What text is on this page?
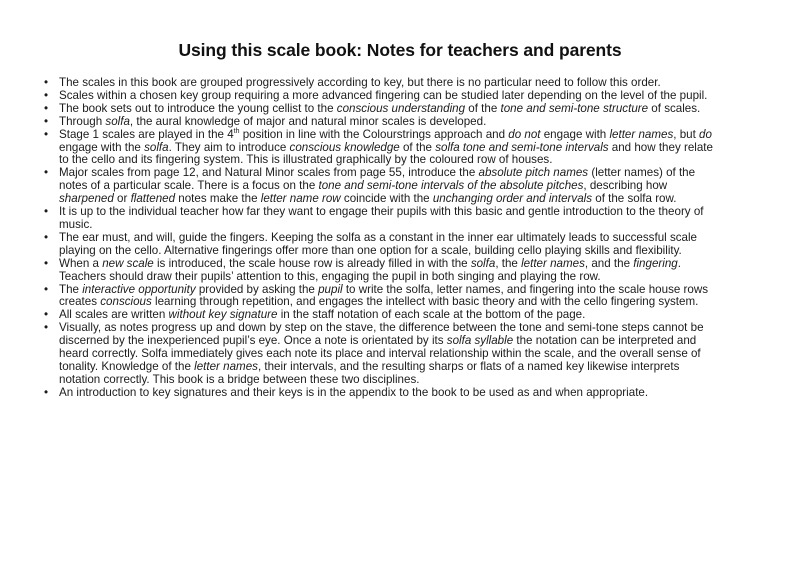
Using this scale book: Notes for teachers and parents
• The scales in this book are grouped progressively according to key, but there is no particular need to follow this order.
• Scales within a chosen key group requiring a more advanced fingering can be studied later depending on the level of the pupil.
• The book sets out to introduce the young cellist to the conscious understanding of the tone and semi-tone structure of scales.
• Through solfa, the aural knowledge of major and natural minor scales is developed.
• Stage 1 scales are played in the 4th position in line with the Colourstrings approach and do not engage with letter names, but do engage with the solfa. They aim to introduce conscious knowledge of the solfa tone and semi-tone intervals and how they relate to the cello and its fingering system. This is illustrated graphically by the coloured row of houses.
• Major scales from page 12, and Natural Minor scales from page 55, introduce the absolute pitch names (letter names) of the notes of a particular scale. There is a focus on the tone and semi-tone intervals of the absolute pitches, describing how sharpened or flattened notes make the letter name row coincide with the unchanging order and intervals of the solfa row.
• It is up to the individual teacher how far they want to engage their pupils with this basic and gentle introduction to the theory of music.
• The ear must, and will, guide the fingers. Keeping the solfa as a constant in the inner ear ultimately leads to successful scale playing on the cello. Alternative fingerings offer more than one option for a scale, building cello playing skills and flexibility.
• When a new scale is introduced, the scale house row is already filled in with the solfa, the letter names, and the fingering. Teachers should draw their pupils’ attention to this, engaging the pupil in both singing and playing the row.
• The interactive opportunity provided by asking the pupil to write the solfa, letter names, and fingering into the scale house rows creates conscious learning through repetition, and engages the intellect with basic theory and with the cello fingering system.
• All scales are written without key signature in the staff notation of each scale at the bottom of the page.
• Visually, as notes progress up and down by step on the stave, the difference between the tone and semi-tone steps cannot be discerned by the inexperienced pupil’s eye. Once a note is orientated by its solfa syllable the notation can be interpreted and heard correctly. Solfa immediately gives each note its place and interval relationship within the scale, and the overall sense of tonality. Knowledge of the letter names, their intervals, and the resulting sharps or flats of a named key likewise interprets notation correctly. This book is a bridge between these two disciplines.
• An introduction to key signatures and their keys is in the appendix to the book to be used as and when appropriate.
